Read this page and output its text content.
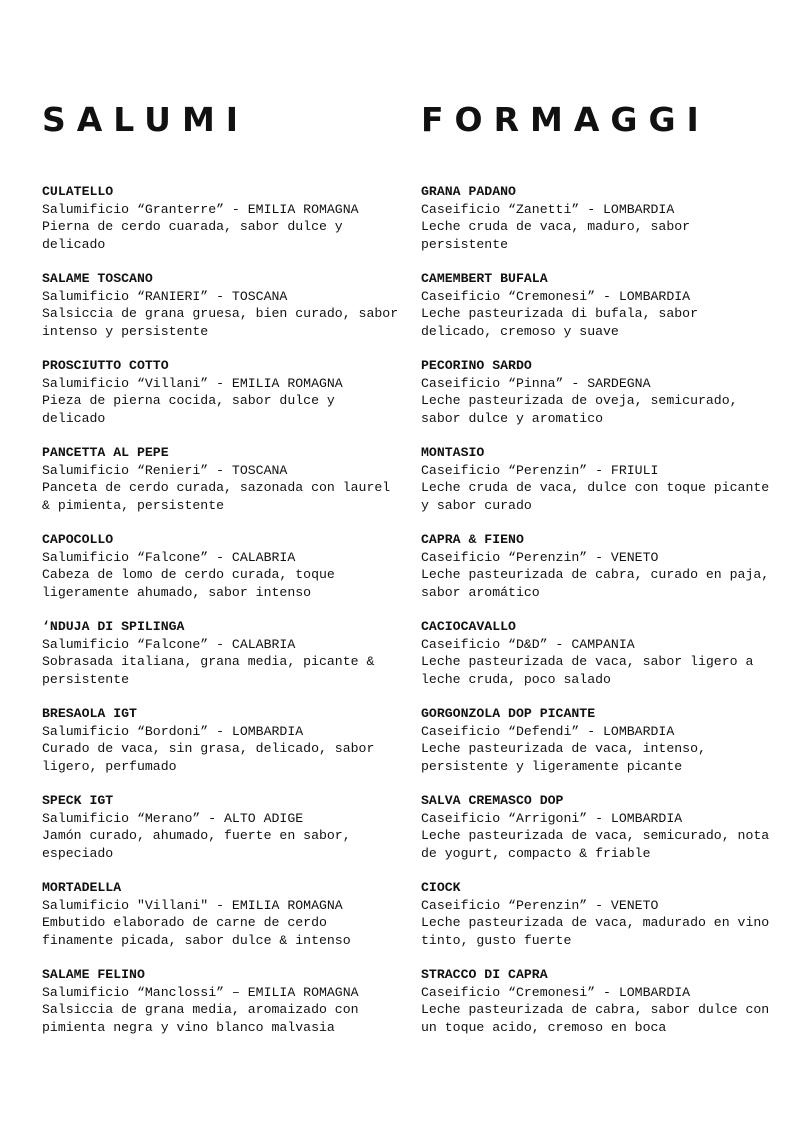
SALUMI
CULATELLO
Salumificio “Granterre” - EMILIA ROMAGNA
Pierna de cerdo cuarada, sabor dulce y delicado
SALAME TOSCANO
Salumificio “RANIERI” - TOSCANA
Salsiccia de grana gruesa, bien curado, sabor intenso y persistente
PROSCIUTTO COTTO
Salumificio “Villani” - EMILIA ROMAGNA
Pieza de pierna cocida, sabor dulce y delicado
PANCETTA AL PEPE
Salumificio “Renieri” - TOSCANA
Panceta de cerdo curada, sazonada con laurel & pimienta, persistente
CAPOCOLLO
Salumificio “Falcone” - CALABRIA
Cabeza de lomo de cerdo curada, toque ligeramente ahumado, sabor intenso
‘NDUJA DI SPILINGA
Salumificio “Falcone” - CALABRIA
Sobrasada italiana, grana media, picante & persistente
BRESAOLA IGT
Salumificio “Bordoni” - LOMBARDIA
Curado de vaca, sin grasa, delicado, sabor ligero, perfumado
SPECK IGT
Salumificio “Merano” - ALTO ADIGE
Jamón curado, ahumado, fuerte en sabor, especiado
MORTADELLA
Salumificio "Villani" - EMILIA ROMAGNA
Embutido elaborado de carne de cerdo finamente picada, sabor dulce & intenso
SALAME FELINO
Salumificio “Manclossi” – EMILIA ROMAGNA
Salsiccia de grana media, aromaizado con pimienta negra y vino blanco malvasia
FORMAGGI
GRANA PADANO
Caseificio “Zanetti” - LOMBARDIA
Leche cruda de vaca, maduro, sabor persistente
CAMEMBERT BUFALA
Caseificio “Cremonesi” - LOMBARDIA
Leche pasteurizada di bufala, sabor delicado, cremoso y suave
PECORINO SARDO
Caseificio “Pinna” - SARDEGNA
Leche pasteurizada de oveja, semicurado, sabor dulce y aromatico
MONTASIO
Caseificio “Perenzin” - FRIULI
Leche cruda de vaca, dulce con toque picante y sabor curado
CAPRA & FIENO
Caseificio “Perenzin” - VENETO
Leche pasteurizada de cabra, curado en paja, sabor aromático
CACIOCAVALLO
Caseificio “D&D” - CAMPANIA
Leche pasteurizada de vaca, sabor ligero a leche cruda, poco salado
GORGONZOLA DOP PICANTE
Caseificio “Defendi” - LOMBARDIA
Leche pasteurizada de vaca, intenso, persistente y ligeramente picante
SALVA CREMASCO DOP
Caseificio “Arrigoni” - LOMBARDIA
Leche pasteurizada de vaca, semicurado, nota de yogurt, compacto & friable
CIOCK
Caseificio “Perenzin” - VENETO
Leche pasteurizada de vaca, madurado en vino tinto, gusto fuerte
STRACCO DI CAPRA
Caseificio “Cremonesi” - LOMBARDIA
Leche pasteurizada de cabra, sabor dulce con un toque acido, cremoso en boca
